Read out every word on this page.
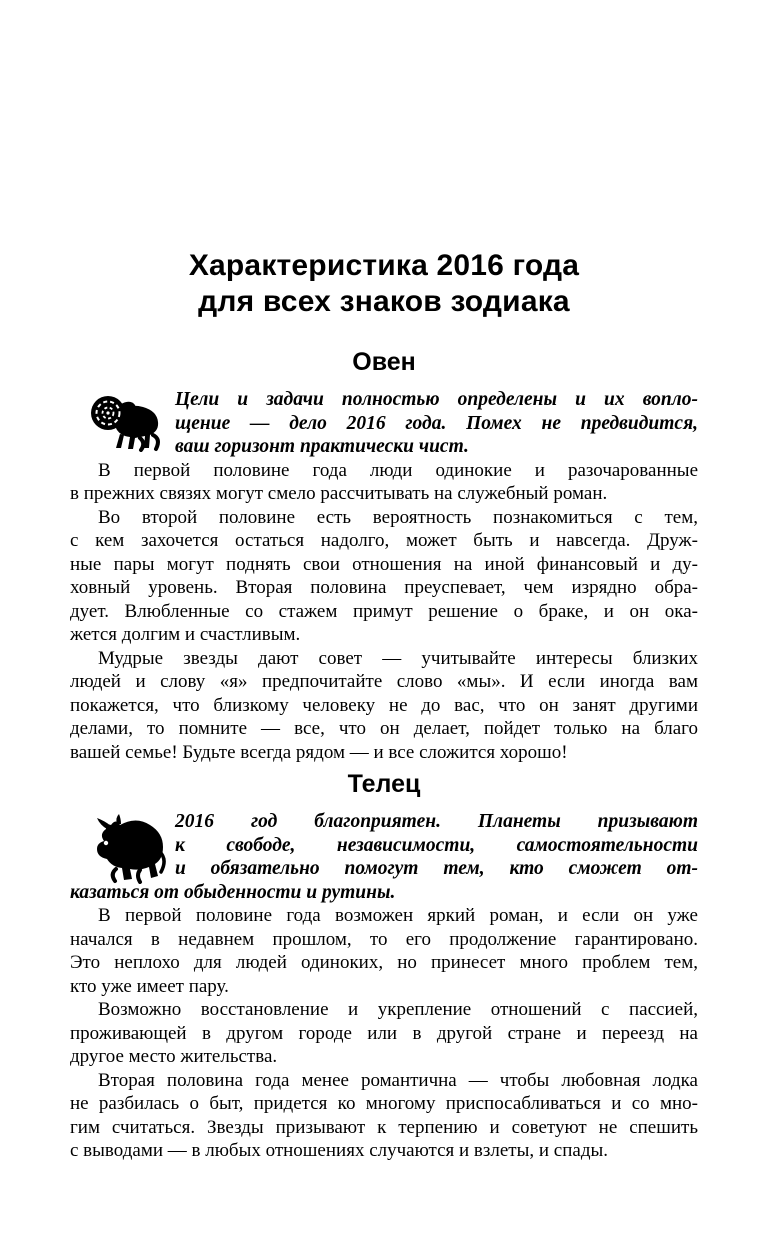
Характеристика 2016 года
для всех знаков зодиака
Овен
Цели и задачи полностью определены и их вопло-
щение — дело 2016 года. Помех не предвидится,
ваш горизонт практически чист.
В первой половине года люди одинокие и разочарованные
в прежних связях могут смело рассчитывать на служебный роман.
Во второй половине есть вероятность познакомиться с тем,
с кем захочется остаться надолго, может быть и навсегда. Друж-
ные пары могут поднять свои отношения на иной финансовый и ду-
ховный уровень. Вторая половина преуспевает, чем изрядно обра-
дует. Влюбленные со стажем примут решение о браке, и он ока-
жется долгим и счастливым.
Мудрые звезды дают совет — учитывайте интересы близких
людей и слову «я» предпочитайте слово «мы». И если иногда вам
покажется, что близкому человеку не до вас, что он занят другими
делами, то помните — все, что он делает, пойдет только на благо
вашей семье! Будьте всегда рядом — и все сложится хорошо!
Телец
2016 год благоприятен. Планеты призывают
к свободе, независимости, самостоятельности
и обязательно помогут тем, кто сможет от-
казаться от обыденности и рутины.
В первой половине года возможен яркий роман, и если он уже
начался в недавнем прошлом, то его продолжение гарантировано.
Это неплохо для людей одиноких, но принесет много проблем тем,
кто уже имеет пару.
Возможно восстановление и укрепление отношений с пассией,
проживающей в другом городе или в другой стране и переезд на
другое место жительства.
Вторая половина года менее романтична — чтобы любовная лодка
не разбилась о быт, придется ко многому приспосабливаться и со мно-
гим считаться. Звезды призывают к терпению и советуют не спешить
с выводами — в любых отношениях случаются и взлеты, и спады.
